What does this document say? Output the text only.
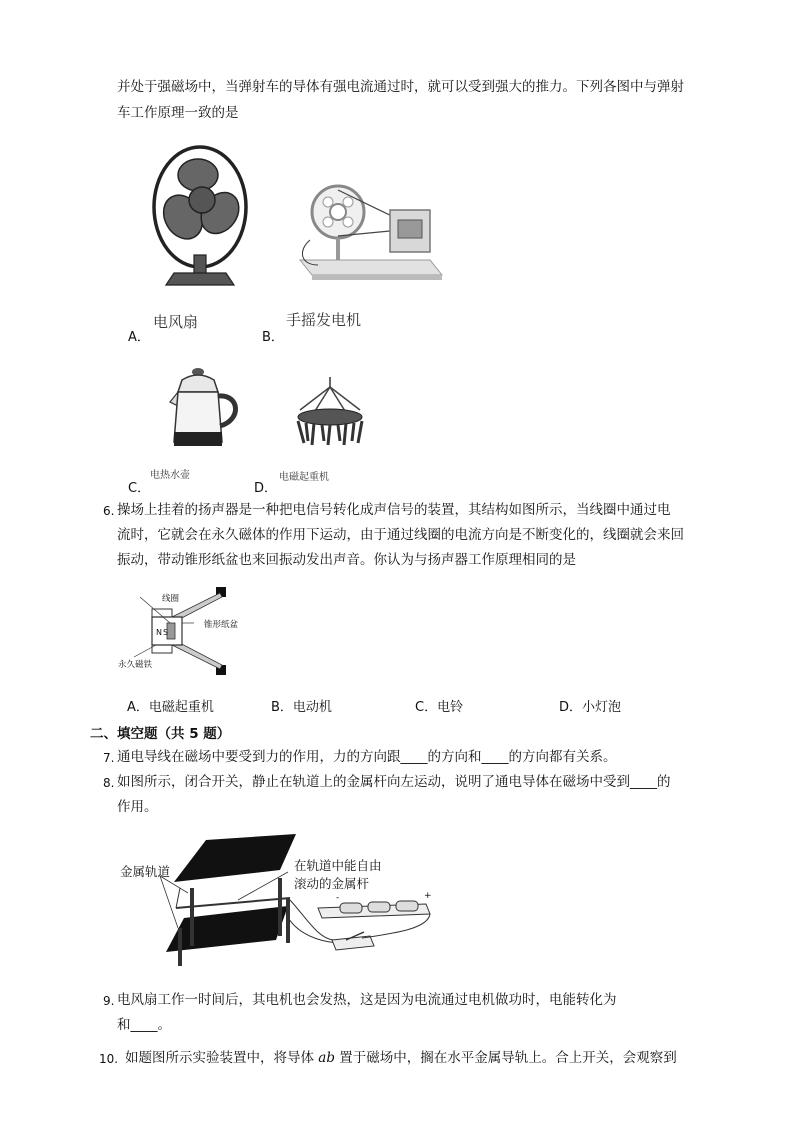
并处于强磁场中，当弹射车的导体有强电流通过时，就可以受到强大的推力。下列各图中与弹射
车工作原理一致的是
电风扇
A．
手摇发电机
B．
电热水壶
C．
电磁起重机
D．
6. 操场上挂着的扬声器是一种把电信号转化成声信号的装置，其结构如图所示，当线圈中通过电
流时，它就会在永久磁体的作用下运动，由于通过线圈的电流方向是不断变化的，线圈就会来回
振动，带动锥形纸盆也来回振动发出声音。你认为与扬声器工作原理相同的是
N S
线圈
锥形纸盆
永久磁铁
A．电磁起重机	B．电动机	C．电铃	D．小灯泡
二、填空题（共 5 题）
7. 通电导线在磁场中要受到力的作用，力的方向跟____的方向和____的方向都有关系。
8. 如图所示，闭合开关，静止在轨道上的金属杆向左运动，说明了通电导体在磁场中受到____的
作用。
-	+
金属轨道	在轨道中能自由
滚动的金属杆
9. 电风扇工作一时间后，其电机也会发热，这是因为电流通过电机做功时，电能转化为
和____。
10. 如题图所示实验装置中，将导体 ab 置于磁场中，搁在水平金属导轨上。合上开关，会观察到
